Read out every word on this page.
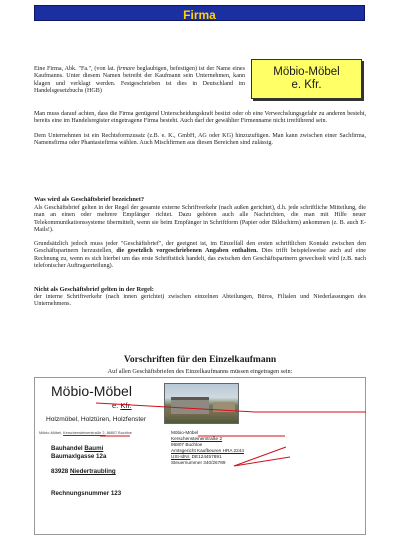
Firma
Möbio-Möbel
e. Kfr.
Eine Firma, Abk. "Fa.", (von lat. firmare beglaubigen, befestigen) ist der Name eines Kaufmanns. Unter diesem Namen betreibt der Kaufmann sein Unternehmen, kann klagen und verklagt werden. Festgeschrieben ist dies in Deutschland im Handelsgesetzbuchs (HGB)
Man muss darauf achten, dass die Firma genügend Unterscheidungskraft besitzt oder ob eine Verwechslungsgefahr zu anderen besteht, bereits eine im Handelsregister eingetragene Firma besteht. Auch darf der gewählter Firmenname nicht irreführend sein.
Dem Unternehmen ist ein Rechtsformzusatz (z.B. e. K., GmbH, AG oder KG) hinzuzufügen. Man kann zwischen einer Sachfirma, Namensfirma oder Phantasiefirma wählen. Auch Mischfirmen aus diesen Bereichen sind zulässig.
Was wird als Geschäftsbrief bezeichnet?
Als Geschäftsbrief gelten in der Regel der gesamte externe Schriftverkehr (nach außen gerichtet), d.h. jede schriftliche Mitteilung, die man an einen oder mehrere Empfänger richtet. Dazu gehören auch alle Nachrichten, die man mit Hilfe neuer Telekommunikationssysteme übermittelt, wenn sie beim Empfänger in Schriftform (Papier oder Bildschirm) ankommen (z. B. auch E-Mails!).
Grundsätzlich jedoch muss jeder "Geschäftsbrief", der geeignet ist, im Einzelfall den ersten schriftlichen Kontakt zwischen den Geschäftspartnern herzustellen, die gesetzlich vorgeschriebenen Angaben enthalten. Dies trifft beispielsweise auch auf eine Rechnung zu, wenn es sich hierbei um das erste Schriftstück handelt, das zwischen den Geschäftspartnern gewechselt wird (z.B. nach telefonischer Auftragserteilung).
Nicht als Geschäftsbrief gelten in der Regel:
der interne Schriftverkehr (nach innen gerichtet) zwischen einzelnen Abteilungen, Büros, Filialen und Niederlassungen des Unternehmens.
Vorschriften für den Einzelkaufmann
Auf allen Geschäftsbriefen des Einzelkaufmanns müssen eingetragen sein:
Möbio-Möbel
e. Kfr.
Holzmöbel, Holztüren, Holzfenster
Möbio-Möbel, Kerschensteinerstraße 2, 86807 Buchloe
Bauhandel Baumi
Baumaxlgasse 12a
83928 Niedertraubling
Rechnungsnummer 123
Möbio-Möbel
Kerschensteinerstraße 2
86807 Buchloe
Amtsgericht Kaufbeuren HRA 2244
USt-IdNr. DE124457891
Steuernummer 340/26789
